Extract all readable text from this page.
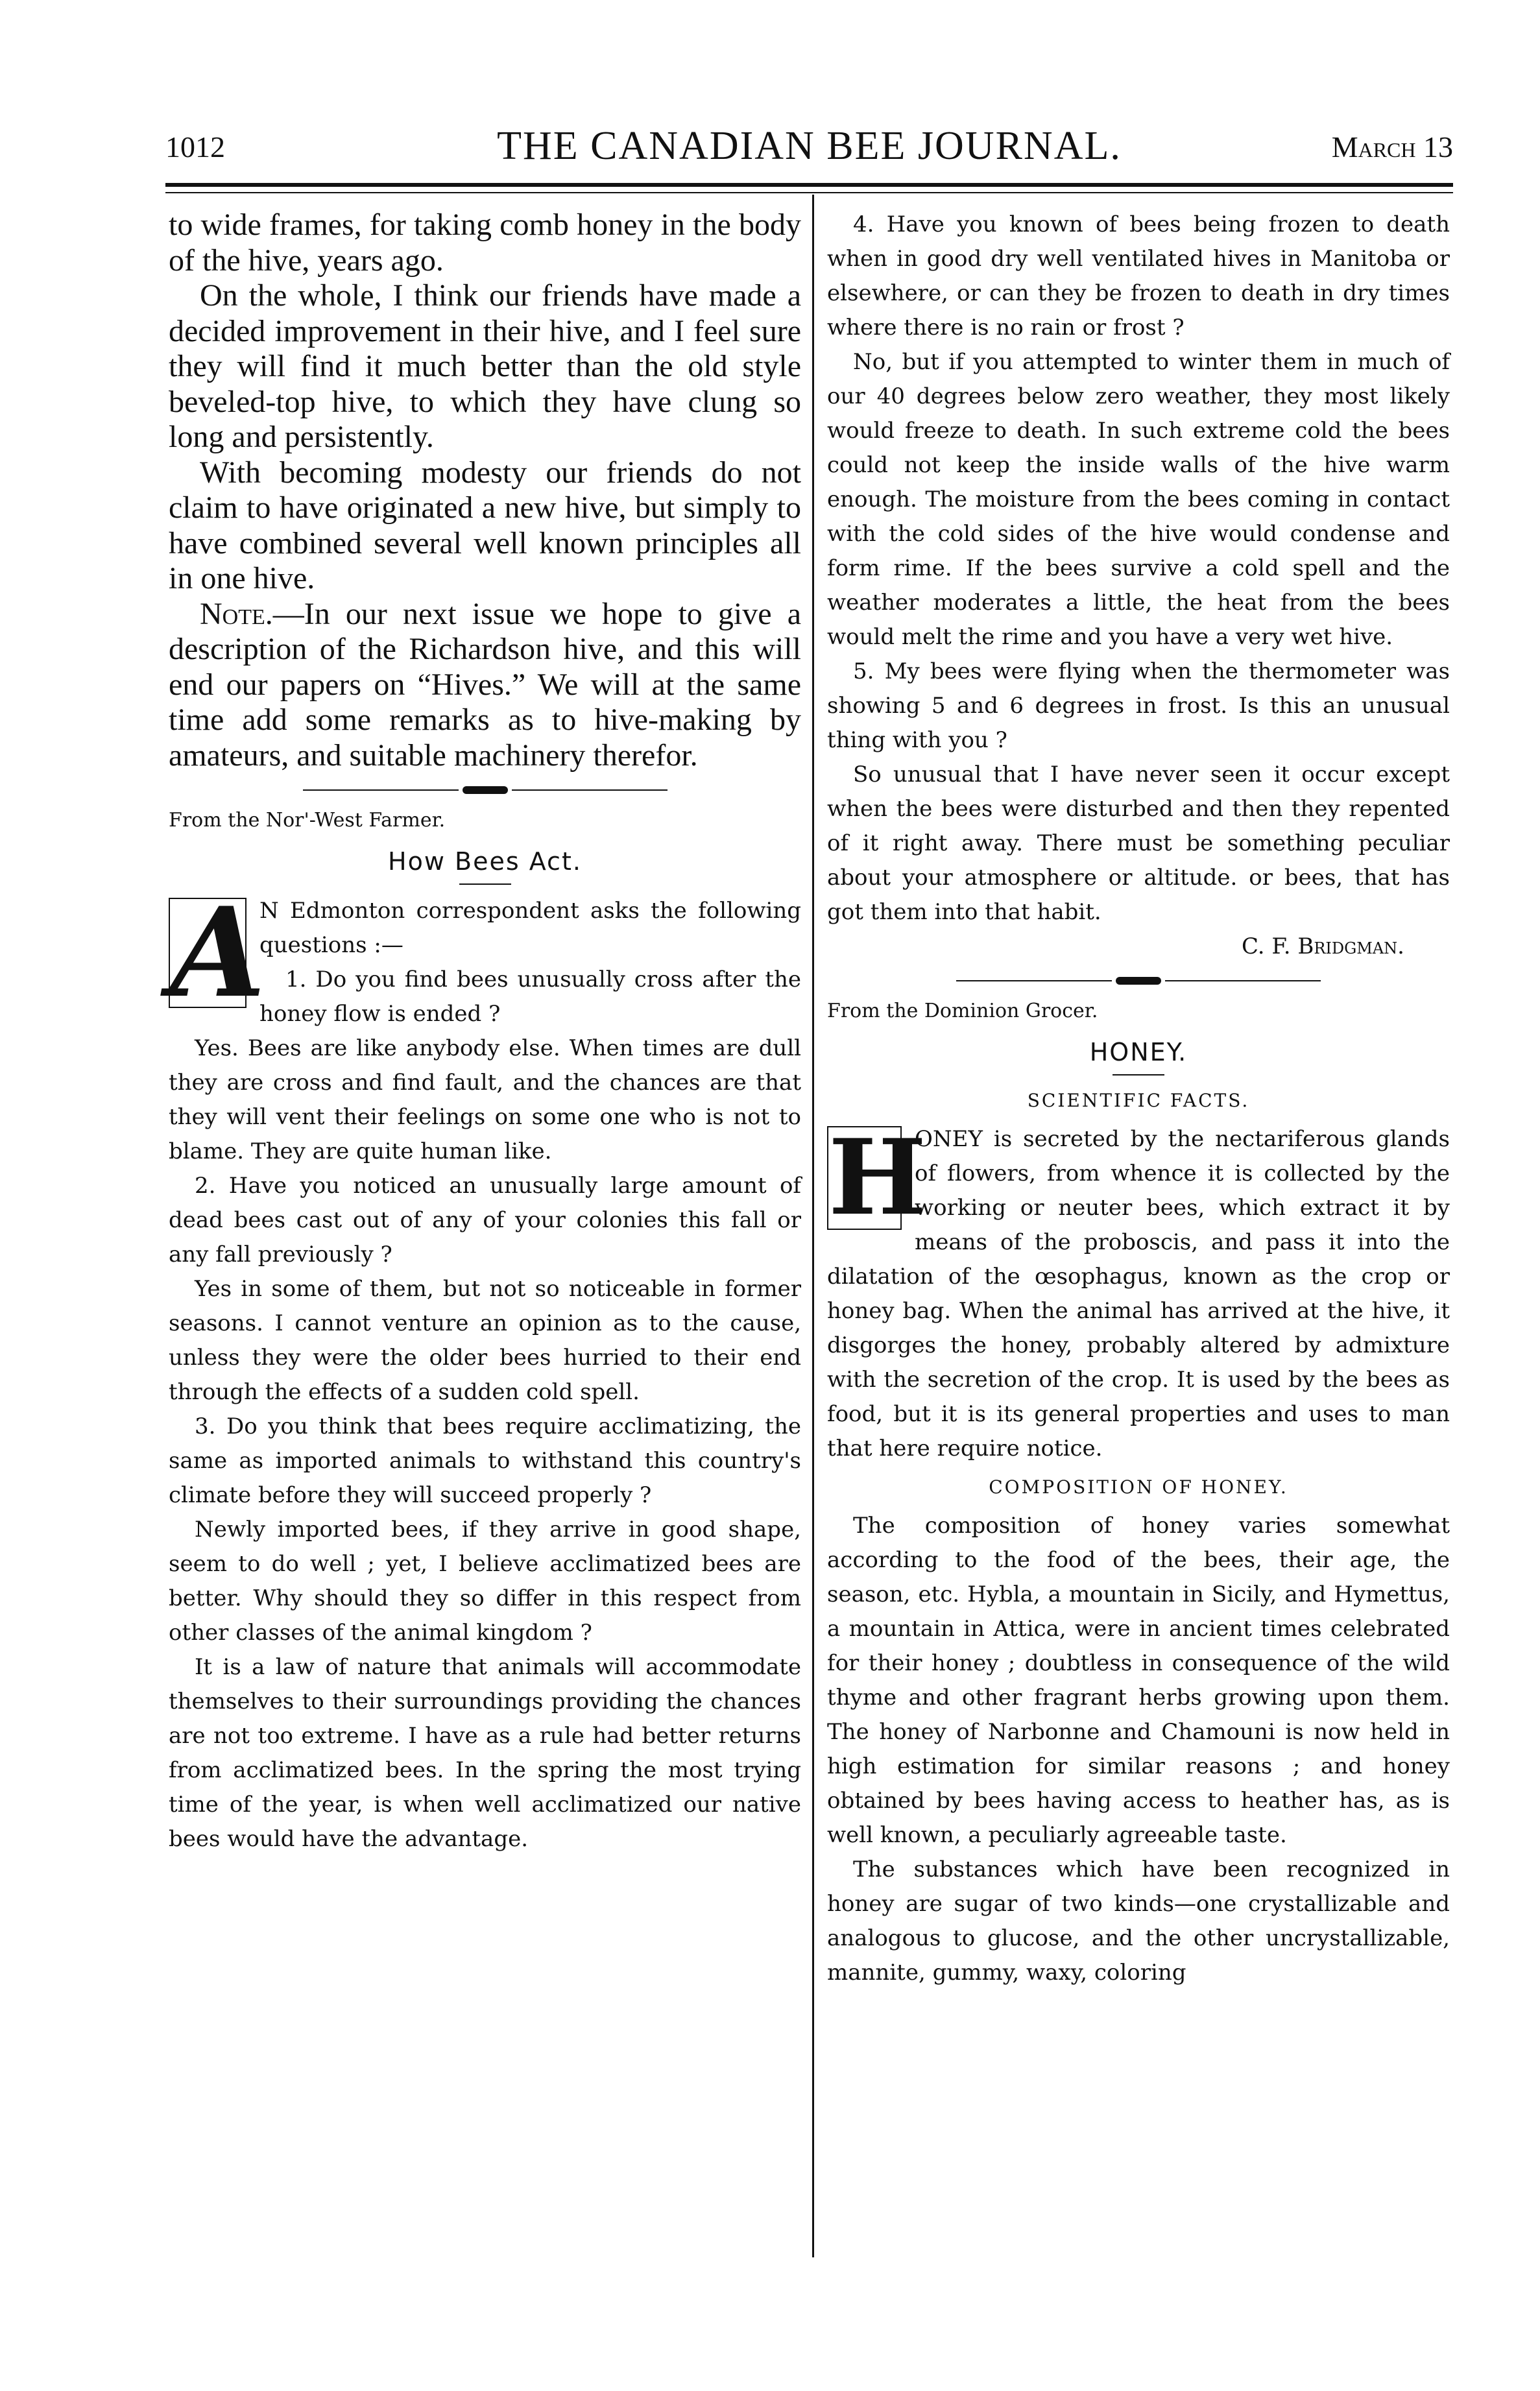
1012	THE CANADIAN BEE JOURNAL.	March 13

to wide frames, for taking comb honey in the body of the hive, years ago.

On the whole, I think our friends have made a decided improvement in their hive, and I feel sure they will find it much better than the old style beveled-top hive, to which they have clung so long and persistently.

With becoming modesty our friends do not claim to have originated a new hive, but simply to have combined several well known principles all in one hive.

Note.—In our next issue we hope to give a description of the Richardson hive, and this will end our papers on “Hives.” We will at the same time add some remarks as to hive-making by amateurs, and suitable machinery therefor.

From the Nor'-West Farmer.
How Bees Act.
A

N Edmonton correspondent asks the following questions :—

1. Do you find bees unusually cross after the honey flow is ended ?

Yes. Bees are like anybody else. When times are dull they are cross and find fault, and the chances are that they will vent their feelings on some one who is not to blame. They are quite human like.

2. Have you noticed an unusually large amount of dead bees cast out of any of your colonies this fall or any fall previously ?

Yes in some of them, but not so noticeable in former seasons. I cannot venture an opinion as to the cause, unless they were the older bees hurried to their end through the effects of a sudden cold spell.

3. Do you think that bees require acclimatizing, the same as imported animals to withstand this country's climate before they will succeed properly ?

Newly imported bees, if they arrive in good shape, seem to do well ; yet, I believe acclimatized bees are better. Why should they so differ in this respect from other classes of the animal kingdom ?

It is a law of nature that animals will accommodate themselves to their surroundings providing the chances are not too extreme. I have as a rule had better returns from acclimatized bees. In the spring the most trying time of the year, is when well acclimatized our native bees would have the advantage.

4. Have you known of bees being frozen to death when in good dry well ventilated hives in Manitoba or elsewhere, or can they be frozen to death in dry times where there is no rain or frost ?

No, but if you attempted to winter them in much of our 40 degrees below zero weather, they most likely would freeze to death. In such extreme cold the bees could not keep the inside walls of the hive warm enough. The moisture from the bees coming in contact with the cold sides of the hive would condense and form rime. If the bees survive a cold spell and the weather moderates a little, the heat from the bees would melt the rime and you have a very wet hive.

5. My bees were flying when the thermometer was showing 5 and 6 degrees in frost. Is this an unusual thing with you ?

So unusual that I have never seen it occur except when the bees were disturbed and then they repented of it right away. There must be something peculiar about your atmosphere or altitude. or bees, that has got them into that habit.

C. F. Bridgman.
From the Dominion Grocer.
HONEY.
SCIENTIFIC FACTS.
H

ONEY is secreted by the nectariferous glands of flowers, from whence it is collected by the working or neuter bees, which extract it by means of the proboscis, and pass it into the dilatation of the œsophagus, known as the crop or honey bag. When the animal has arrived at the hive, it disgorges the honey, probably altered by admixture with the secretion of the crop. It is used by the bees as food, but it is its general properties and uses to man that here require notice.

COMPOSITION OF HONEY.

The composition of honey varies somewhat according to the food of the bees, their age, the season, etc. Hybla, a mountain in Sicily, and Hymettus, a mountain in Attica, were in ancient times celebrated for their honey ; doubtless in consequence of the wild thyme and other fragrant herbs growing upon them. The honey of Narbonne and Chamouni is now held in high estimation for similar reasons ; and honey obtained by bees having access to heather has, as is well known, a peculiarly agreeable taste.

The substances which have been recognized in honey are sugar of two kinds—one crystallizable and analogous to glucose, and the other uncrystallizable, mannite, gummy, waxy, coloring
